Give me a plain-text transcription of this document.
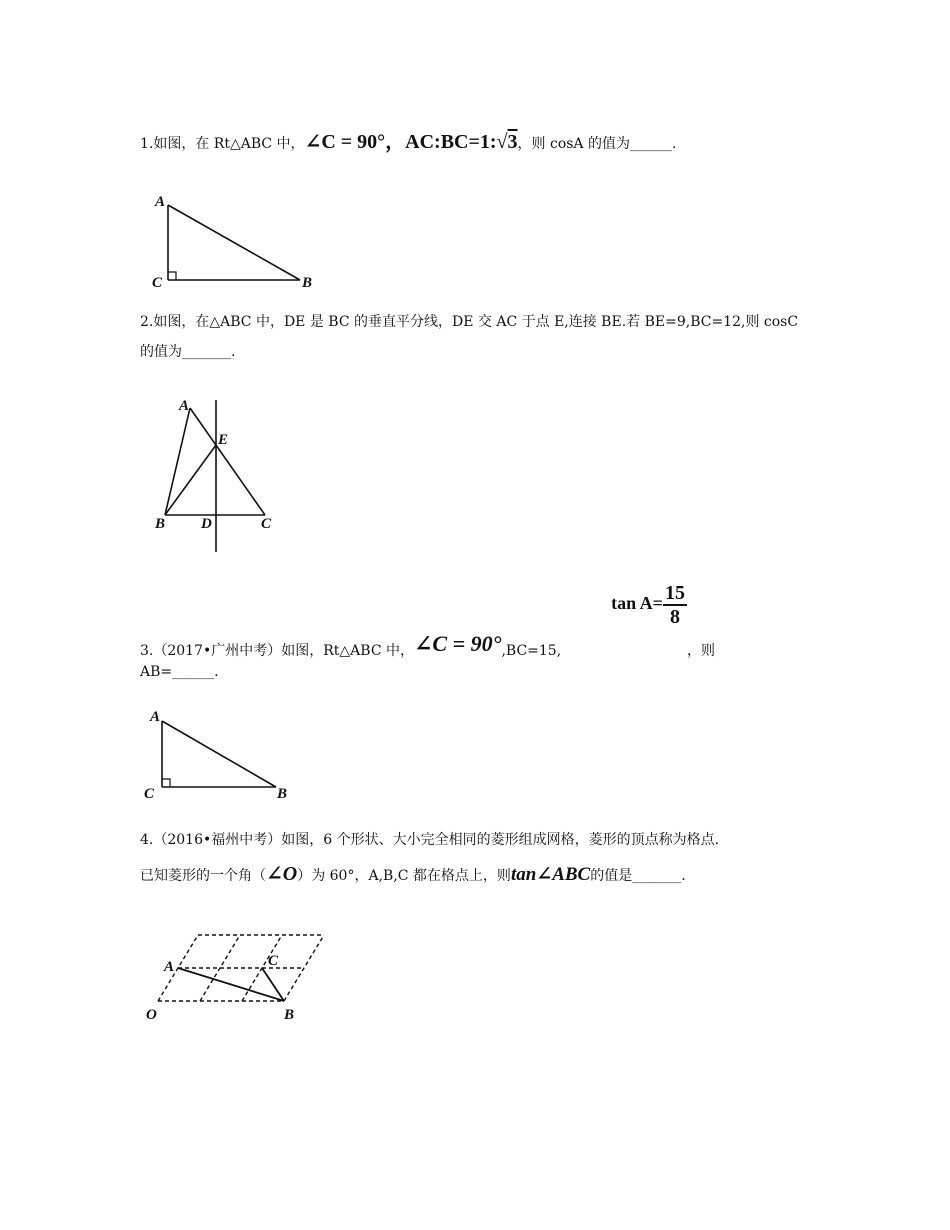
1.如图，在 Rt△ABC 中，∠C = 90°，AC:BC=1:√3，则 cosA 的值为______.
A
C	B
2.如图，在△ABC 中，DE 是 BC 的垂直平分线，DE 交 AC 于点 E,连接 BE.若 BE=9,BC=12,则 cosC
的值为_______.
A
E
B D	C
3.（2017•广州中考）如图，Rt△ABC 中，∠C = 90°,BC=15,tan $A= \frac{15}{8}$
，则
AB=______.
A
C	B
4.（2016•福州中考）如图，6 个形状、大小完全相同的菱形组成网格，菱形的顶点称为格点.
已知菱形的一个角（∠O）为 60°，A,B,C 都在格点上，则tan∠ABC的值是_______.
A	C
O	B
